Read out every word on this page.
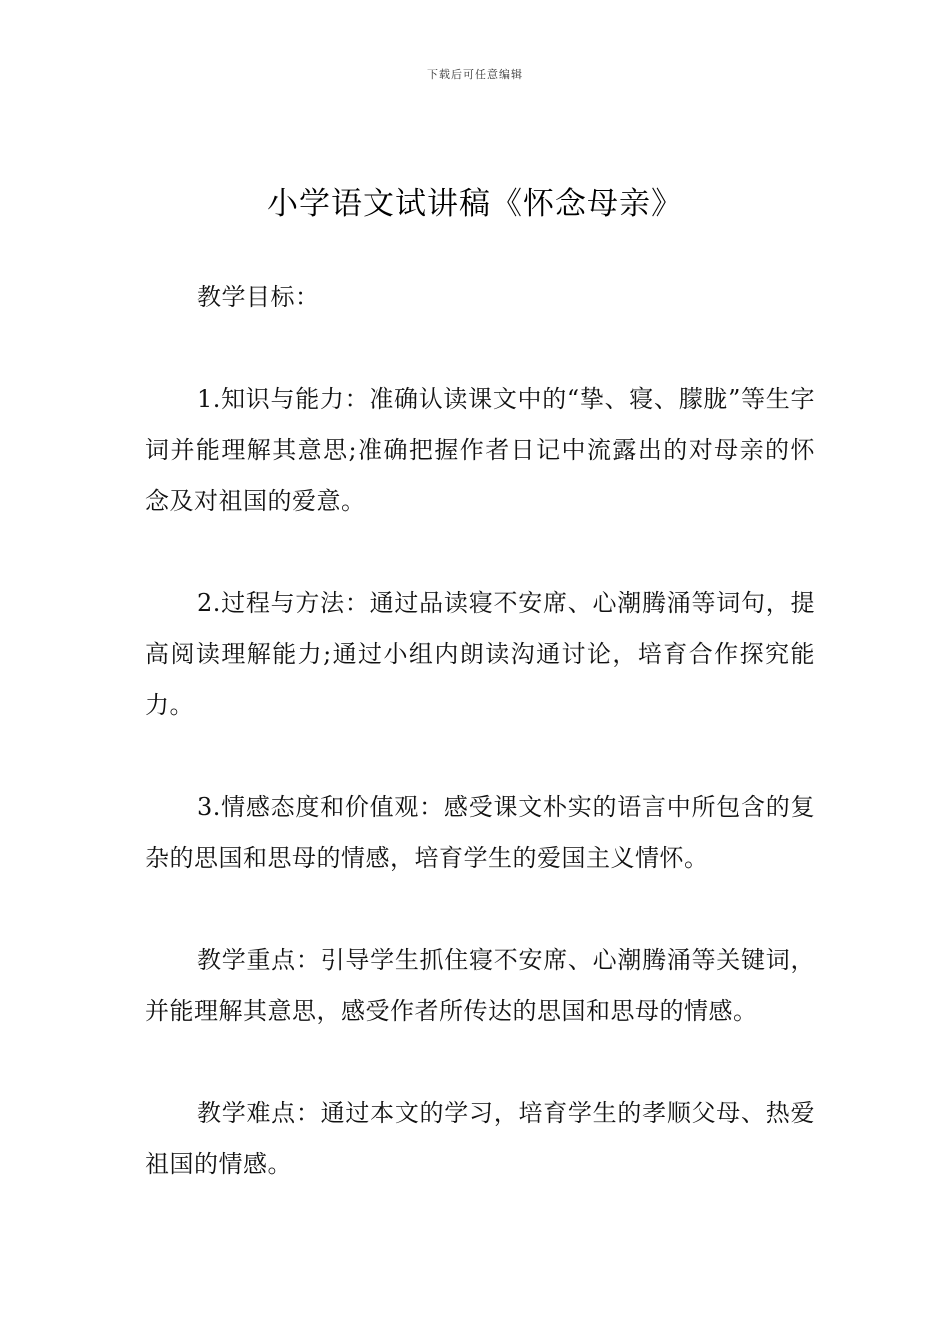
下载后可任意编辑
小学语文试讲稿《怀念母亲》

教学目标：

1.知识与能力：准确认读课文中的“挚、寝、朦胧”等生字词并能理解其意思;准确把握作者日记中流露出的对母亲的怀念及对祖国的爱意。

2.过程与方法：通过品读寝不安席、心潮腾涌等词句，提高阅读理解能力;通过小组内朗读沟通讨论，培育合作探究能力。

3.情感态度和价值观：感受课文朴实的语言中所包含的复杂的思国和思母的情感，培育学生的爱国主义情怀。

教学重点：引导学生抓住寝不安席、心潮腾涌等关键词，并能理解其意思，感受作者所传达的思国和思母的情感。

教学难点：通过本文的学习，培育学生的孝顺父母、热爱祖国的情感。
